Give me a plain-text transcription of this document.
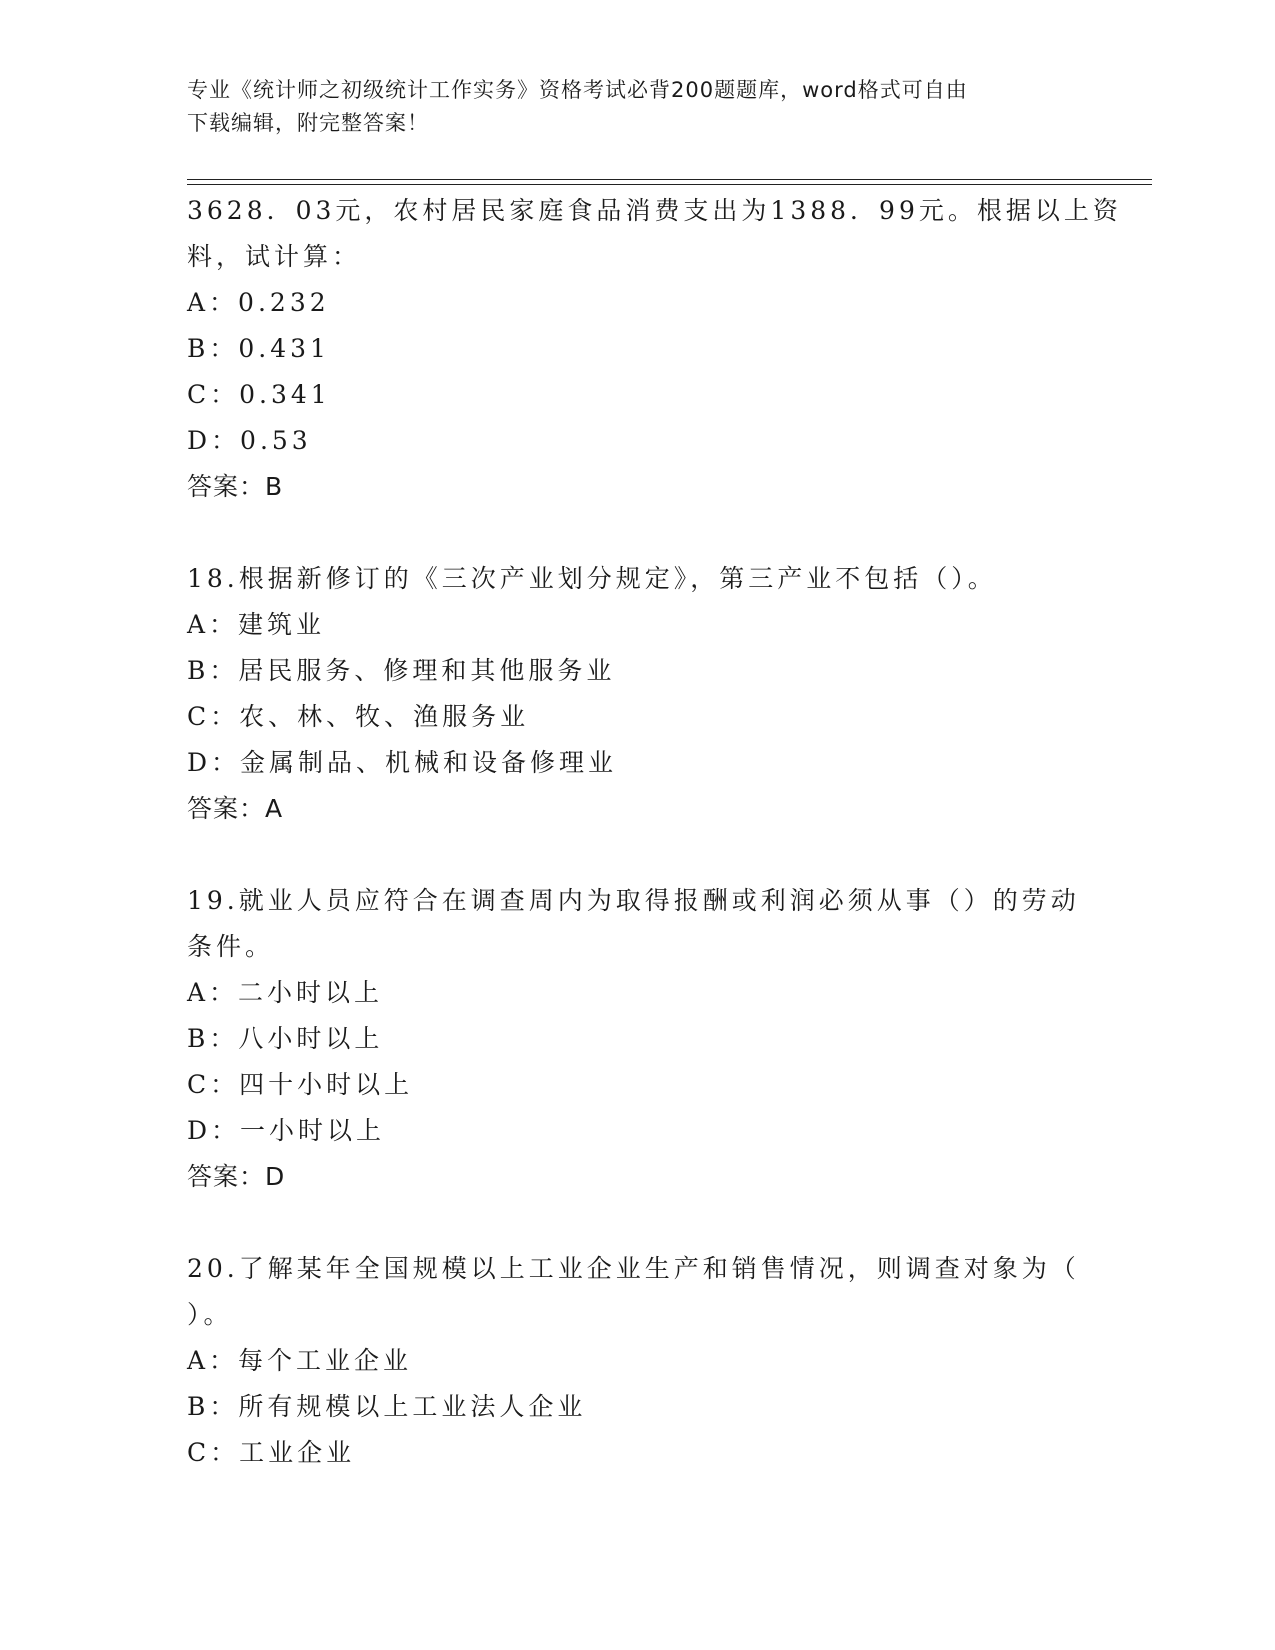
专业《统计师之初级统计工作实务》资格考试必背200题题库，word格式可自由
下载编辑，附完整答案！

3628．03元，农村居民家庭食品消费支出为1388．99元。根据以上资

料，试计算：

A：0.232

B：0.431

C：0.341

D：0.53

答案：B

18.根据新修订的《三次产业划分规定》，第三产业不包括（）。

A：建筑业

B：居民服务、修理和其他服务业

C：农、林、牧、渔服务业

D：金属制品、机械和设备修理业

答案：A

19.就业人员应符合在调查周内为取得报酬或利润必须从事（）的劳动

条件。

A：二小时以上

B：八小时以上

C：四十小时以上

D：一小时以上

答案：D

20.了解某年全国规模以上工业企业生产和销售情况，则调查对象为（

）。

A：每个工业企业

B：所有规模以上工业法人企业

C：工业企业
